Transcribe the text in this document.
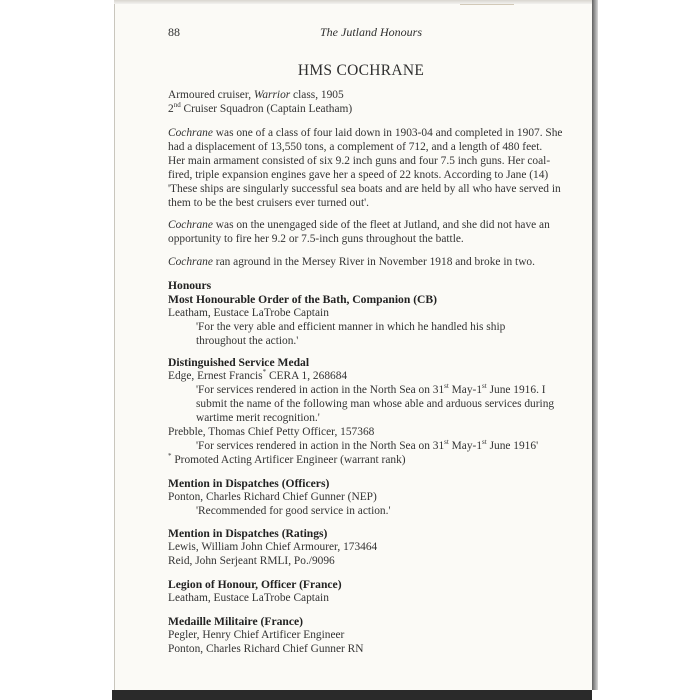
88	The Jutland Honours
HMS COCHRANE
Armoured cruiser, Warrior class, 1905
2nd Cruiser Squadron (Captain Leatham)
Cochrane was one of a class of four laid down in 1903-04 and completed in 1907. She
had a displacement of 13,550 tons, a complement of 712, and a length of 480 feet.
Her main armament consisted of six 9.2 inch guns and four 7.5 inch guns. Her coal-
fired, triple expansion engines gave her a speed of 22 knots. According to Jane (14)
'These ships are singularly successful sea boats and are held by all who have served in
them to be the best cruisers ever turned out'.
Cochrane was on the unengaged side of the fleet at Jutland, and she did not have an
opportunity to fire her 9.2 or 7.5-inch guns throughout the battle.
Cochrane ran aground in the Mersey River in November 1918 and broke in two.
Honours
Most Honourable Order of the Bath, Companion (CB)
Leatham, Eustace LaTrobe Captain
'For the very able and efficient manner in which he handled his ship
throughout the action.'
Distinguished Service Medal
Edge, Ernest Francis* CERA 1, 268684
'For services rendered in action in the North Sea on 31st May-1st June 1916. I
submit the name of the following man whose able and arduous services during
wartime merit recognition.'
Prebble, Thomas Chief Petty Officer, 157368
'For services rendered in action in the North Sea on 31st May-1st June 1916'
* Promoted Acting Artificer Engineer (warrant rank)
Mention in Dispatches (Officers)
Ponton, Charles Richard Chief Gunner (NEP)
'Recommended for good service in action.'
Mention in Dispatches (Ratings)
Lewis, William John Chief Armourer, 173464
Reid, John Serjeant RMLI, Po./9096
Legion of Honour, Officer (France)
Leatham, Eustace LaTrobe Captain
Medaille Militaire (France)
Pegler, Henry Chief Artificer Engineer
Ponton, Charles Richard Chief Gunner RN
